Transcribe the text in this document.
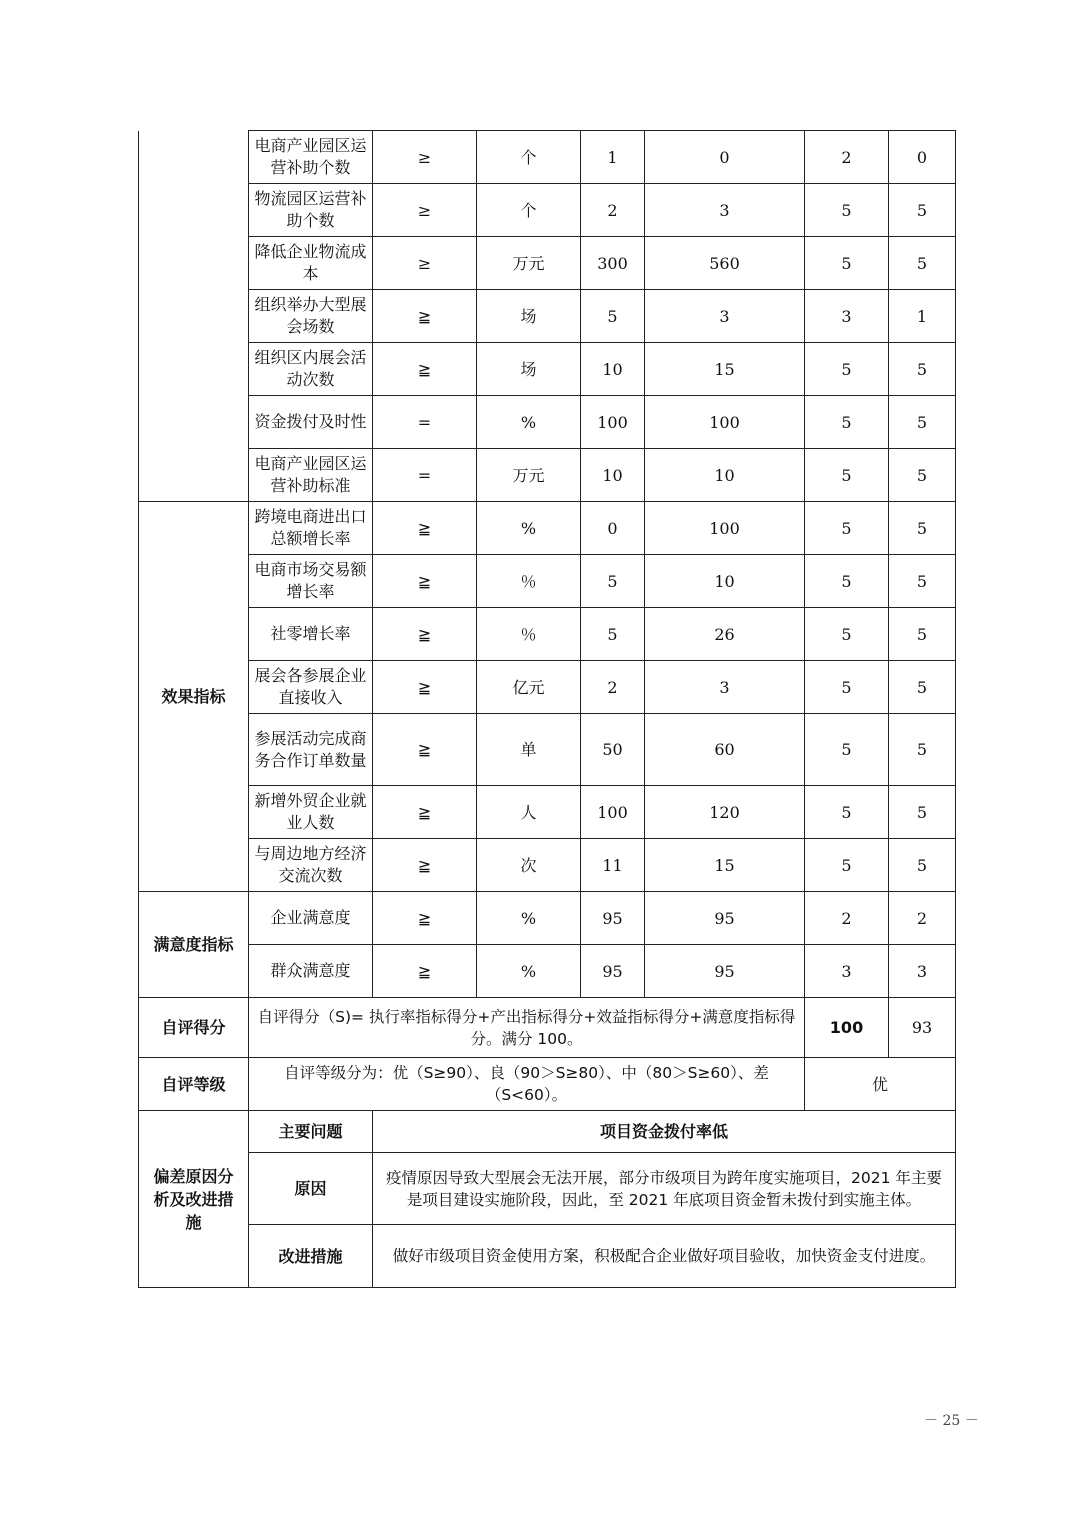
	电商产业园区运营补助个数	≥	个	1	0	2	0
	物流园区运营补助个数	≥	个	2	3	5	5
	降低企业物流成本	≥	万元	300	560	5	5
	组织举办大型展会场数	≧	场	5	3	3	1
	组织区内展会活动次数	≧	场	10	15	5	5
	资金拨付及时性	=	%	100	100	5	5
	电商产业园区运营补助标准	=	万元	10	10	5	5
效果指标	跨境电商进出口总额增长率	≧	%	0	100	5	5
	电商市场交易额增长率	≧	％	5	10	5	5
	社零增长率	≧	％	5	26	5	5
	展会各参展企业直接收入	≧	亿元	2	3	5	5
	参展活动完成商务合作订单数量	≧	单	50	60	5	5
	新增外贸企业就业人数	≧	人	100	120	5	5
	与周边地方经济交流次数	≧	次	11	15	5	5
满意度指标	企业满意度	≧	%	95	95	2	2
	群众满意度	≧	%	95	95	3	3
自评得分	自评得分（S)= 执行率指标得分+产出指标得分+效益指标得分+满意度指标得分。满分 100。					100	93
自评等级	自评等级分为：优（S≥90）、良（90＞S≥80）、中（80＞S≥60）、差（S<60）。					优	
偏差原因分析及改进措施	主要问题	项目资金拨付率低					
	原因	疫情原因导致大型展会无法开展，部分市级项目为跨年度实施项目，2021 年主要是项目建设实施阶段，因此，至 2021 年底项目资金暂未拨付到实施主体。					
	改进措施	做好市级项目资金使用方案，积极配合企业做好项目验收，加快资金支付进度。					
－ 25 －
